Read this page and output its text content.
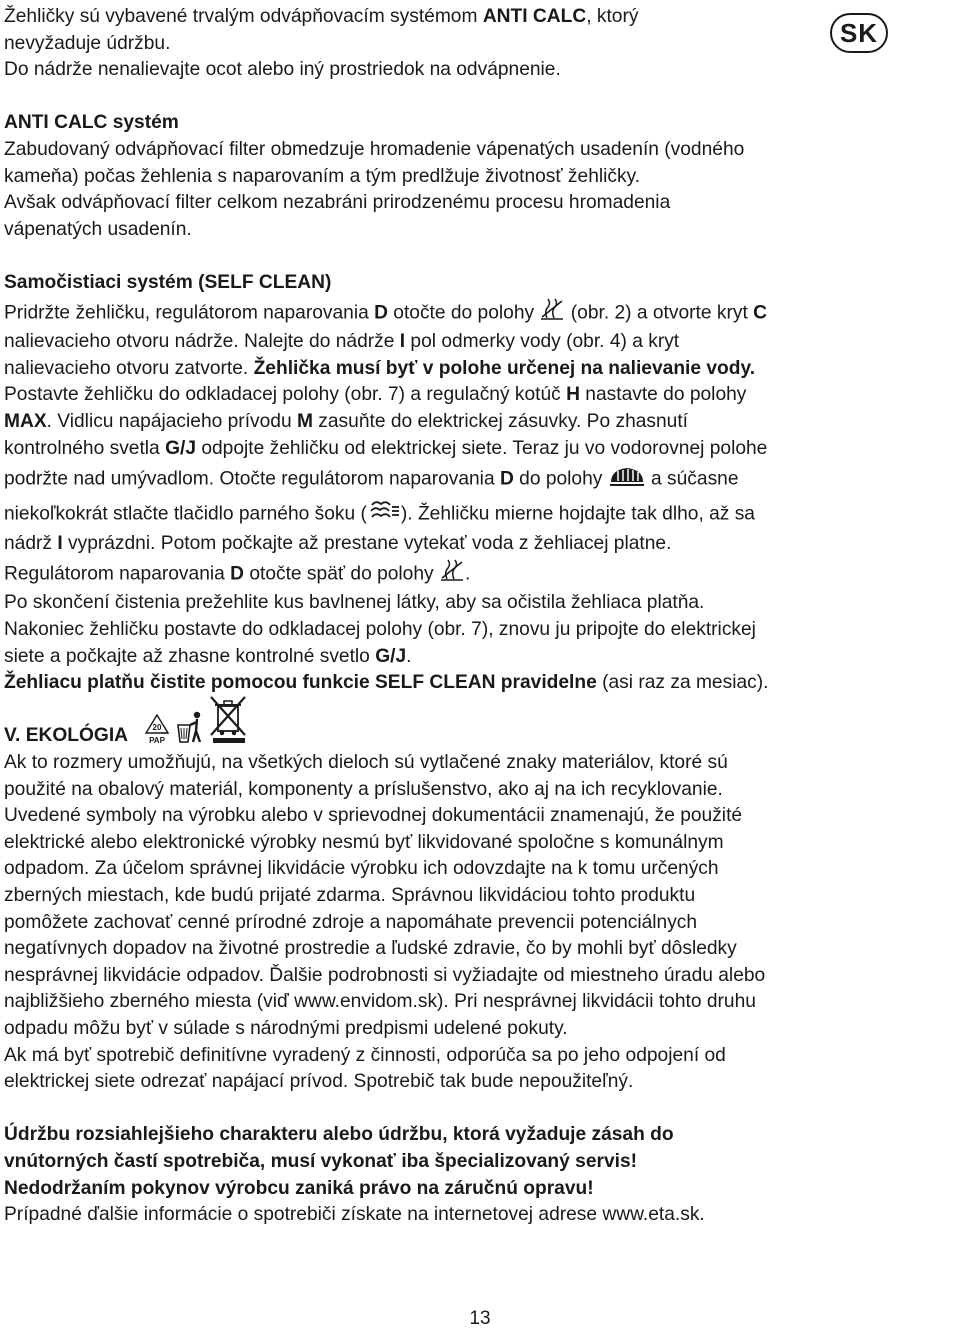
SK

Žehličky sú vybavené trvalým odvápňovacím systémom ANTI CALC, ktorý

nevyžaduje údržbu.

Do nádrže nenalievajte ocot alebo iný prostriedok na odvápnenie.

ANTI CALC systém

Zabudovaný odvápňovací filter obmedzuje hromadenie vápenatých usadenín (vodného

kameňa) počas žehlenia s naparovaním a tým predlžuje životnosť žehličky.

Avšak odvápňovací filter celkom nezabráni prirodzenému procesu hromadenia

vápenatých usadenín.

Samočistiaci systém (SELF CLEAN)

Pridržte žehličku, regulátorom naparovania D otočte do polohy  (obr. 2) a otvorte kryt C

nalievacieho otvoru nádrže. Nalejte do nádrže I pol odmerky vody (obr. 4) a kryt

nalievacieho otvoru zatvorte. Žehlička musí byť v polohe určenej na nalievanie vody.

Postavte žehličku do odkladacej polohy (obr. 7) a regulačný kotúč H nastavte do polohy

MAX. Vidlicu napájacieho prívodu M zasuňte do elektrickej zásuvky. Po zhasnutí

kontrolného svetla G/J odpojte žehličku od elektrickej siete. Teraz ju vo vodorovnej polohe

podržte nad umývadlom. Otočte regulátorom naparovania D do polohy  a súčasne

niekoľkokrát stlačte tlačidlo parného šoku ( ). Žehličku mierne hojdajte tak dlho, až sa

nádrž I vyprázdni. Potom počkajte až prestane vytekať voda z žehliacej platne.

Regulátorom naparovania D otočte späť do polohy .

Po skončení čistenia prežehlite kus bavlnenej látky, aby sa očistila žehliaca platňa.

Nakoniec žehličku postavte do odkladacej polohy (obr. 7), znovu ju pripojte do elektrickej

siete a počkajte až zhasne kontrolné svetlo G/J.

Žehliacu platňu čistite pomocou funkcie SELF CLEAN pravidelne (asi raz za mesiac).

V. EKOLÓGIA	20
PAP

Ak to rozmery umožňujú, na všetkých dieloch sú vytlačené znaky materiálov, ktoré sú

použité na obalový materiál, komponenty a príslušenstvo, ako aj na ich recyklovanie.

Uvedené symboly na výrobku alebo v sprievodnej dokumentácii znamenajú, že použité

elektrické alebo elektronické výrobky nesmú byť likvidované spoločne s komunálnym

odpadom. Za účelom správnej likvidácie výrobku ich odovzdajte na k tomu určených

zberných miestach, kde budú prijaté zdarma. Správnou likvidáciou tohto produktu

pomôžete zachovať cenné prírodné zdroje a napomáhate prevencii potenciálnych

negatívnych dopadov na životné prostredie a ľudské zdravie, čo by mohli byť dôsledky

nesprávnej likvidácie odpadov. Ďalšie podrobnosti si vyžiadajte od miestneho úradu alebo

najbližšieho zberného miesta (viď www.envidom.sk). Pri nesprávnej likvidácii tohto druhu

odpadu môžu byť v súlade s národnými predpismi udelené pokuty.

Ak má byť spotrebič definitívne vyradený z činnosti, odporúča sa po jeho odpojení od

elektrickej siete odrezať napájací prívod. Spotrebič tak bude nepoužiteľný.

Údržbu rozsiahlejšieho charakteru alebo údržbu, ktorá vyžaduje zásah do

vnútorných častí spotrebiča, musí vykonať iba špecializovaný servis!

Nedodržaním pokynov výrobcu zaniká právo na záručnú opravu!

Prípadné ďalšie informácie o spotrebiči získate na internetovej adrese www.eta.sk.

13
